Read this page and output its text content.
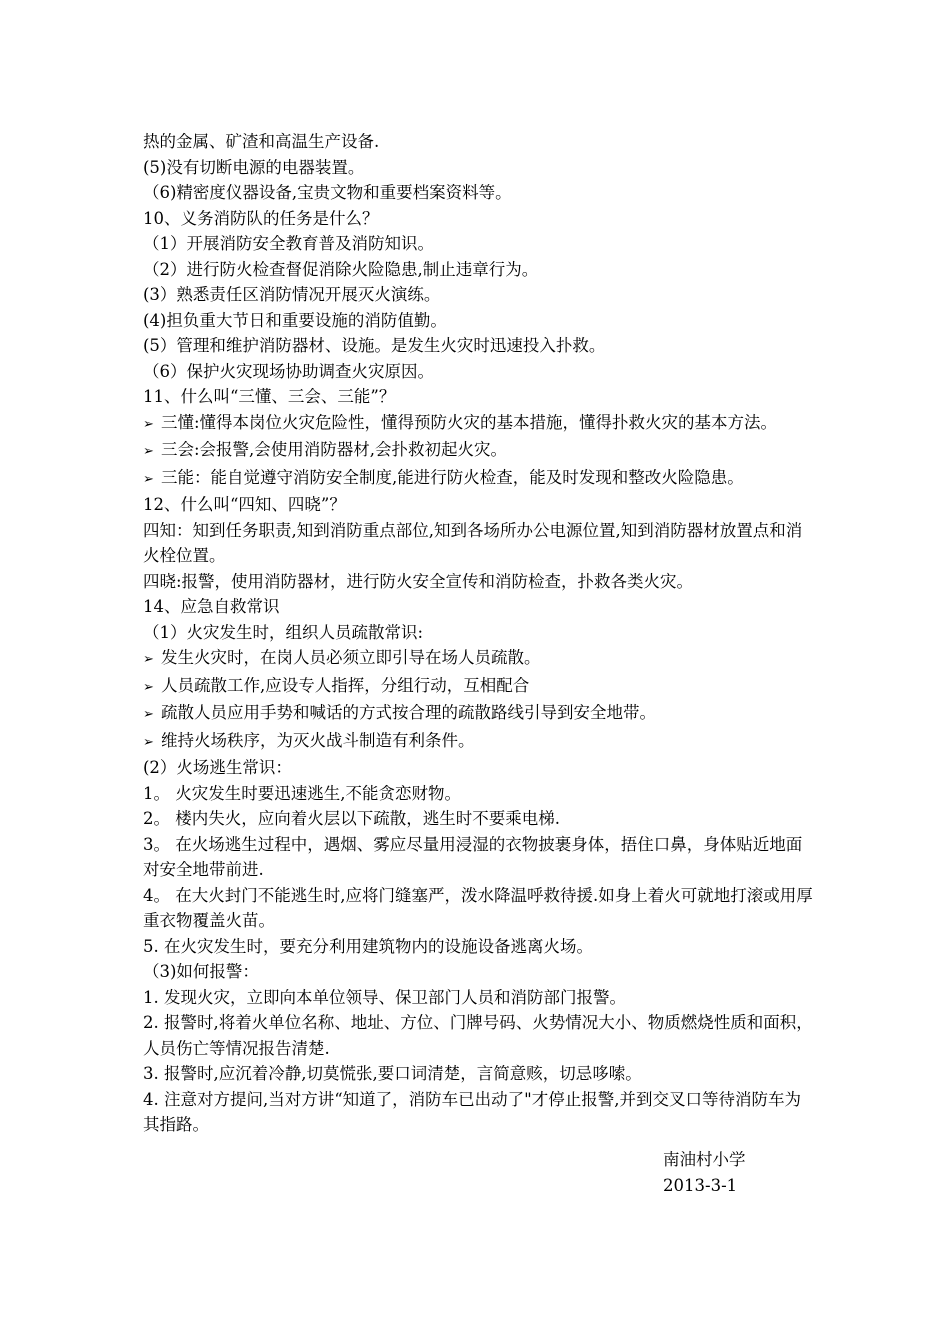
热的金属、矿渣和高温生产设备.
(5)没有切断电源的电器装置。
（6)精密度仪器设备,宝贵文物和重要档案资料等。
10、义务消防队的任务是什么？
（1）开展消防安全教育普及消防知识。
（2）进行防火检查督促消除火险隐患,制止违章行为。
(3）熟悉责任区消防情况开展灭火演练。
(4)担负重大节日和重要设施的消防值勤。
(5）管理和维护消防器材、设施。是发生火灾时迅速投入扑救。
（6）保护火灾现场协助调查火灾原因。
11、什么叫“三懂、三会、三能”？
➢ 三懂:懂得本岗位火灾危险性，懂得预防火灾的基本措施，懂得扑救火灾的基本方法。
➢ 三会:会报警,会使用消防器材,会扑救初起火灾。
➢ 三能：能自觉遵守消防安全制度,能进行防火检查，能及时发现和整改火险隐患。
12、什么叫“四知、四晓”？
四知：知到任务职责,知到消防重点部位,知到各场所办公电源位置,知到消防器材放置点和消火栓位置。
四晓:报警，使用消防器材，进行防火安全宣传和消防检查，扑救各类火灾。
14、应急自救常识
（1）火灾发生时，组织人员疏散常识:
➢ 发生火灾时，在岗人员必须立即引导在场人员疏散。
➢ 人员疏散工作,应设专人指挥，分组行动，互相配合
➢ 疏散人员应用手势和喊话的方式按合理的疏散路线引导到安全地带。
➢ 维持火场秩序，为灭火战斗制造有利条件。
(2）火场逃生常识：
1。 火灾发生时要迅速逃生,不能贪恋财物。
2。 楼内失火，应向着火层以下疏散，逃生时不要乘电梯.
3。 在火场逃生过程中，遇烟、雾应尽量用浸湿的衣物披裹身体，捂住口鼻，身体贴近地面对安全地带前进.
4。 在大火封门不能逃生时,应将门缝塞严，泼水降温呼救待援.如身上着火可就地打滚或用厚重衣物覆盖火苗。
5. 在火灾发生时，要充分利用建筑物内的设施设备逃离火场。
（3)如何报警：
1. 发现火灾，立即向本单位领导、保卫部门人员和消防部门报警。
2. 报警时,将着火单位名称、地址、方位、门牌号码、火势情况大小、物质燃烧性质和面积，人员伤亡等情况报告清楚.
3. 报警时,应沉着冷静,切莫慌张,要口词清楚，言简意赅，切忌哆嗦。
4. 注意对方提问,当对方讲“知道了，消防车已出动了"才停止报警,并到交叉口等待消防车为其指路。
南油村小学
2013-3-1
